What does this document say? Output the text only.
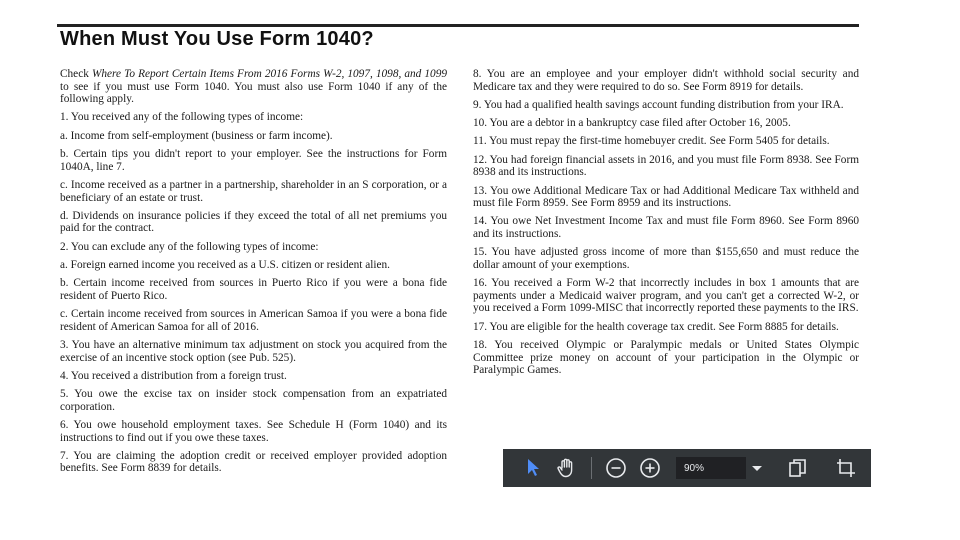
When Must You Use Form 1040?

Check Where To Report Certain Items From 2016 Forms W-2, 1097, 1098, and 1099 to see if you must use Form 1040. You must also use Form 1040 if any of the following apply.

1. You received any of the following types of income:

a. Income from self-employment (business or farm income).

b. Certain tips you didn't report to your employer. See the instructions for Form 1040A, line 7.

c. Income received as a partner in a partnership, shareholder in an S corporation, or a beneficiary of an estate or trust.

d. Dividends on insurance policies if they exceed the total of all net premiums you paid for the contract.

2. You can exclude any of the following types of income:

a. Foreign earned income you received as a U.S. citizen or resident alien.

b. Certain income received from sources in Puerto Rico if you were a bona fide resident of Puerto Rico.

c. Certain income received from sources in American Samoa if you were a bona fide resident of American Samoa for all of 2016.

3. You have an alternative minimum tax adjustment on stock you acquired from the exercise of an incentive stock option (see Pub. 525).

4. You received a distribution from a foreign trust.

5. You owe the excise tax on insider stock compensation from an expatriated corporation.

6. You owe household employment taxes. See Schedule H (Form 1040) and its instructions to find out if you owe these taxes.

7. You are claiming the adoption credit or received employer provided adoption benefits. See Form 8839 for details.

8. You are an employee and your employer didn't withhold social security and Medicare tax and they were required to do so. See Form 8919 for details.

9. You had a qualified health savings account funding distribution from your IRA.

10. You are a debtor in a bankruptcy case filed after October 16, 2005.

11. You must repay the first-time homebuyer credit. See Form 5405 for details.

12. You had foreign financial assets in 2016, and you must file Form 8938. See Form 8938 and its instructions.

13. You owe Additional Medicare Tax or had Additional Medicare Tax withheld and must file Form 8959. See Form 8959 and its instructions.

14. You owe Net Investment Income Tax and must file Form 8960. See Form 8960 and its instructions.

15. You have adjusted gross income of more than $155,650 and must reduce the dollar amount of your exemptions.

16. You received a Form W-2 that incorrectly includes in box 1 amounts that are payments under a Medicaid waiver program, and you can't get a corrected W-2, or you received a Form 1099-MISC that incorrectly reported these payments to the IRS.

17. You are eligible for the health coverage tax credit. See Form 8885 for details.

18. You received Olympic or Paralympic medals or United States Olympic Committee prize money on account of your participation in the Olympic or Paralympic Games.

90%
